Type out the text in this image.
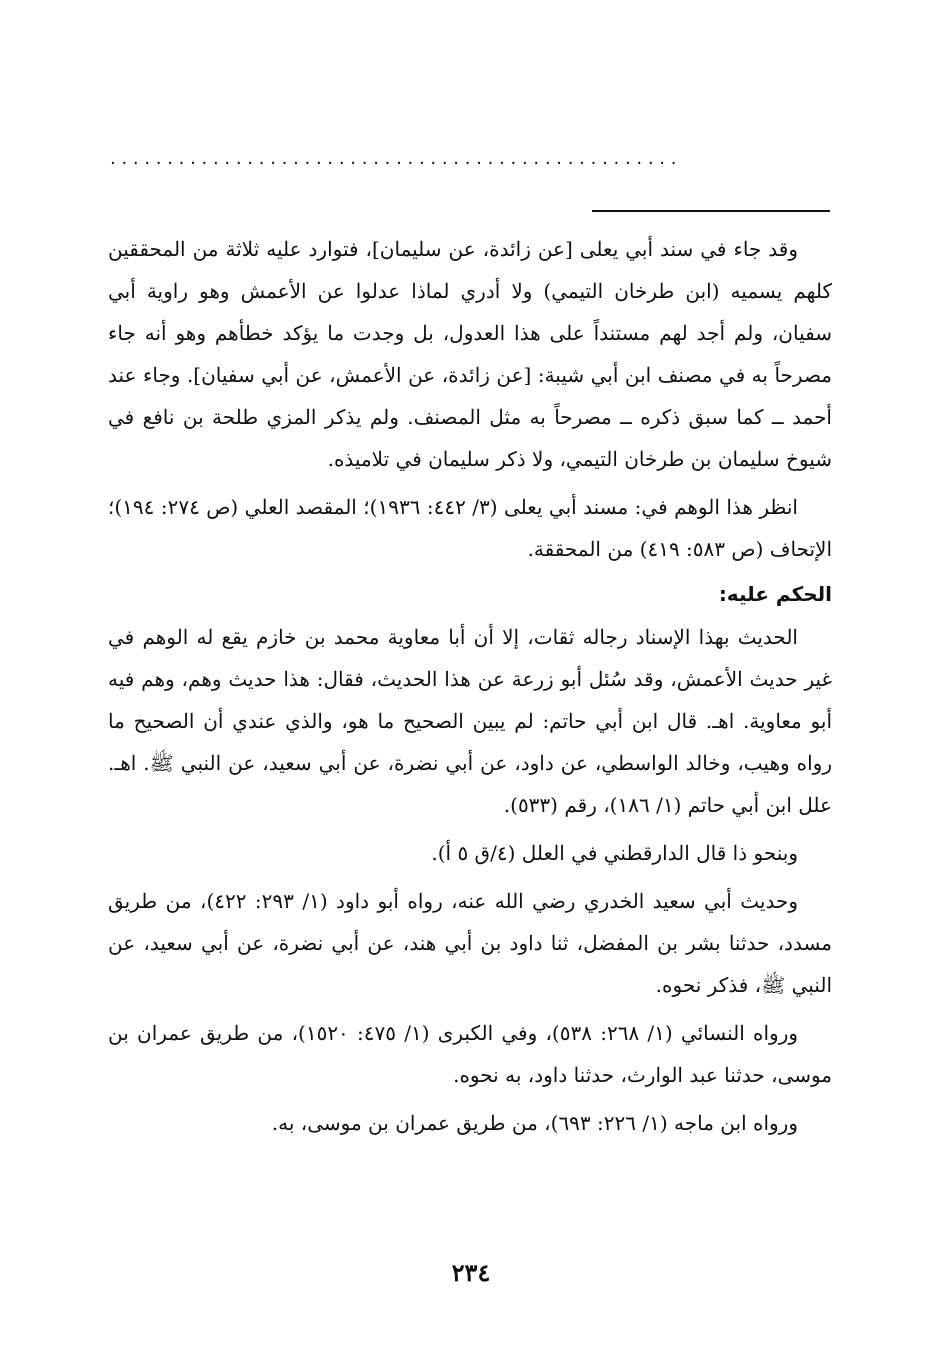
. . . . . . . . . . . . . . . . . . . . . . . . . . . . . . . . . . . . . . . . . . . . . . . . . .

وقد جاء في سند أبي يعلى [عن زائدة، عن سليمان]، فتوارد عليه ثلاثة من المحققين كلهم يسميه (ابن طرخان التيمي) ولا أدري لماذا عدلوا عن الأعمش وهو راوية أبي سفيان، ولم أجد لهم مستنداً على هذا العدول، بل وجدت ما يؤكد خطأهم وهو أنه جاء مصرحاً به في مصنف ابن أبي شيبة: [عن زائدة، عن الأعمش، عن أبي سفيان]. وجاء عند أحمد ــ كما سبق ذكره ــ مصرحاً به مثل المصنف. ولم يذكر المزي طلحة بن نافع في شيوخ سليمان بن طرخان التيمي، ولا ذكر سليمان في تلاميذه.

انظر هذا الوهم في: مسند أبي يعلى (٣/ ٤٤٢: ١٩٣٦)؛ المقصد العلي (ص ٢٧٤: ١٩٤)؛ الإتحاف (ص ٥٨٣: ٤١٩) من المحققة.

الحكم عليه:

الحديث بهذا الإسناد رجاله ثقات، إلا أن أبا معاوية محمد بن خازم يقع له الوهم في غير حديث الأعمش، وقد سُئل أبو زرعة عن هذا الحديث، فقال: هذا حديث وهم، وهم فيه أبو معاوية. اهـ. قال ابن أبي حاتم: لم يبين الصحيح ما هو، والذي عندي أن الصحيح ما رواه وهيب، وخالد الواسطي، عن داود، عن أبي نضرة، عن أبي سعيد، عن النبي ﷺ. اهـ. علل ابن أبي حاتم (١/ ١٨٦)، رقم (٥٣٣).

وبنحو ذا قال الدارقطني في العلل (٤/ق ٥ أ).

وحديث أبي سعيد الخدري رضي الله عنه، رواه أبو داود (١/ ٢٩٣: ٤٢٢)، من طريق مسدد، حدثنا بشر بن المفضل، ثنا داود بن أبي هند، عن أبي نضرة، عن أبي سعيد، عن النبي ﷺ، فذكر نحوه.

ورواه النسائي (١/ ٢٦٨: ٥٣٨)، وفي الكبرى (١/ ٤٧٥: ١٥٢٠)، من طريق عمران بن موسى، حدثنا عبد الوارث، حدثنا داود، به نحوه.

ورواه ابن ماجه (١/ ٢٢٦: ٦٩٣)، من طريق عمران بن موسى، به.

٢٣٤
